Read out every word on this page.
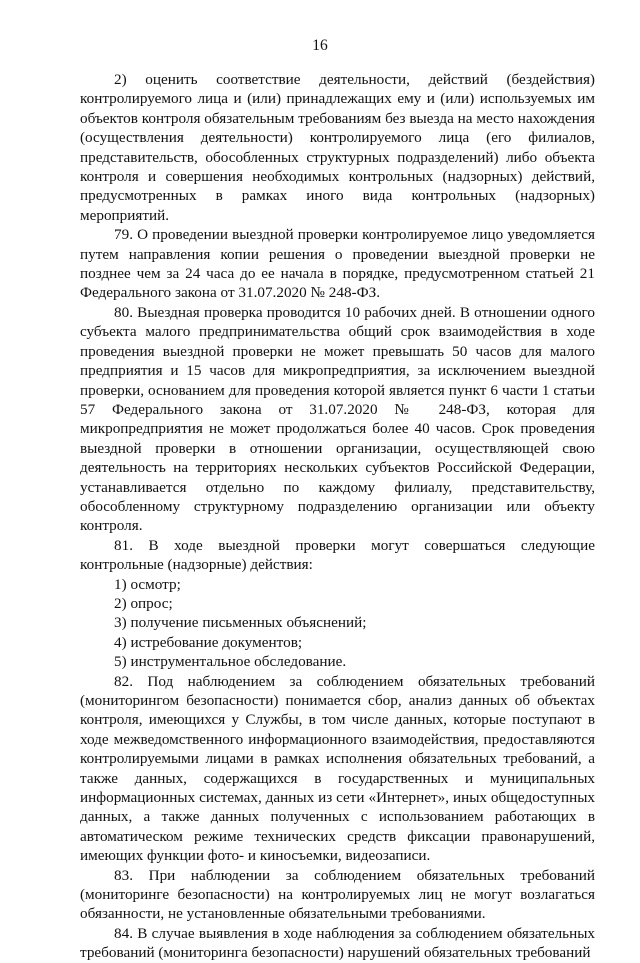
16

2) оценить соответствие деятельности, действий (бездействия) контролируемого лица и (или) принадлежащих ему и (или) используемых им объектов контроля обязательным требованиям без выезда на место нахождения (осуществления деятельности) контролируемого лица (его филиалов, представительств, обособленных структурных подразделений) либо объекта контроля и совершения необходимых контрольных (надзорных) действий, предусмотренных в рамках иного вида контрольных (надзорных) мероприятий.

79. О проведении выездной проверки контролируемое лицо уведомляется путем направления копии решения о проведении выездной проверки не позднее чем за 24 часа до ее начала в порядке, предусмотренном статьей 21 Федерального закона от 31.07.2020 № 248-ФЗ.

80. Выездная проверка проводится 10 рабочих дней. В отношении одного субъекта малого предпринимательства общий срок взаимодействия в ходе проведения выездной проверки не может превышать 50 часов для малого предприятия и 15 часов для микропредприятия, за исключением выездной проверки, основанием для проведения которой является пункт 6 части 1 статьи 57 Федерального закона от 31.07.2020 № 248-ФЗ, которая для микропредприятия не может продолжаться более 40 часов. Срок проведения выездной проверки в отношении организации, осуществляющей свою деятельность на территориях нескольких субъектов Российской Федерации, устанавливается отдельно по каждому филиалу, представительству, обособленному структурному подразделению организации или объекту контроля.

81. В ходе выездной проверки могут совершаться следующие контрольные (надзорные) действия:

1) осмотр;

2) опрос;

3) получение письменных объяснений;

4) истребование документов;

5) инструментальное обследование.

82. Под наблюдением за соблюдением обязательных требований (мониторингом безопасности) понимается сбор, анализ данных об объектах контроля, имеющихся у Службы, в том числе данных, которые поступают в ходе межведомственного информационного взаимодействия, предоставляются контролируемыми лицами в рамках исполнения обязательных требований, а также данных, содержащихся в государственных и муниципальных информационных системах, данных из сети «Интернет», иных общедоступных данных, а также данных полученных с использованием работающих в автоматическом режиме технических средств фиксации правонарушений, имеющих функции фото- и киносъемки, видеозаписи.

83. При наблюдении за соблюдением обязательных требований (мониторинге безопасности) на контролируемых лиц не могут возлагаться обязанности, не установленные обязательными требованиями.

84. В случае выявления в ходе наблюдения за соблюдением обязательных требований (мониторинга безопасности) нарушений обязательных требований
